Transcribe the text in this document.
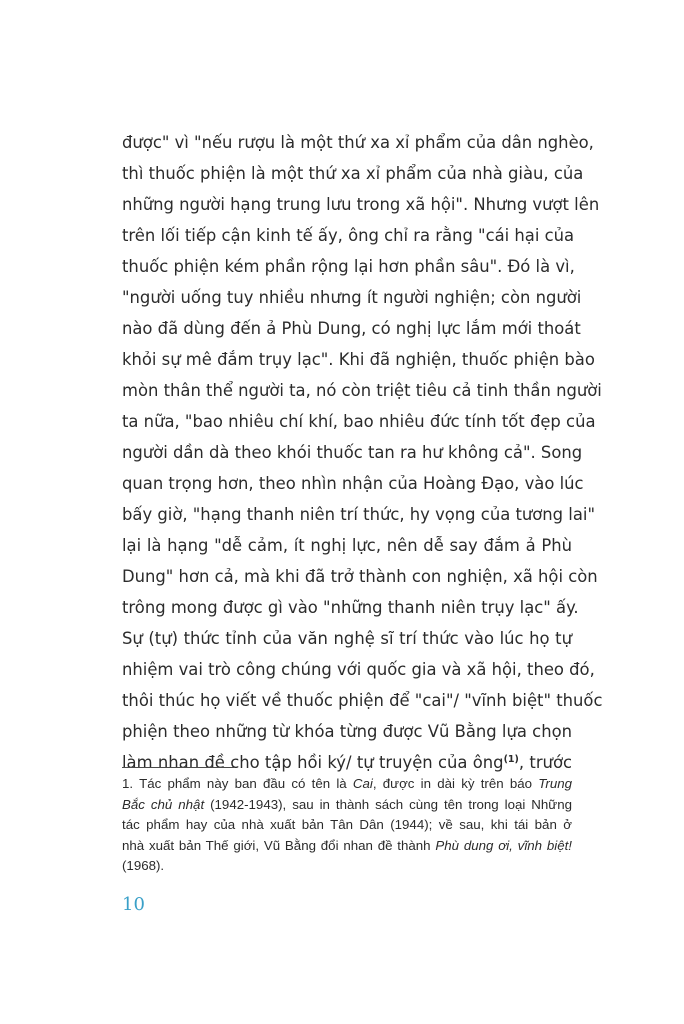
được" vì "nếu rượu là một thứ xa xỉ phẩm của dân nghèo,
thì thuốc phiện là một thứ xa xỉ phẩm của nhà giàu, của
những người hạng trung lưu trong xã hội". Nhưng vượt lên
trên lối tiếp cận kinh tế ấy, ông chỉ ra rằng "cái hại của
thuốc phiện kém phần rộng lại hơn phần sâu". Đó là vì,
"người uống tuy nhiều nhưng ít người nghiện; còn người
nào đã dùng đến ả Phù Dung, có nghị lực lắm mới thoát
khỏi sự mê đắm trụy lạc". Khi đã nghiện, thuốc phiện bào
mòn thân thể người ta, nó còn triệt tiêu cả tinh thần người
ta nữa, "bao nhiêu chí khí, bao nhiêu đức tính tốt đẹp của
người dần dà theo khói thuốc tan ra hư không cả". Song
quan trọng hơn, theo nhìn nhận của Hoàng Đạo, vào lúc
bấy giờ, "hạng thanh niên trí thức, hy vọng của tương lai"
lại là hạng "dễ cảm, ít nghị lực, nên dễ say đắm ả Phù
Dung" hơn cả, mà khi đã trở thành con nghiện, xã hội còn
trông mong được gì vào "những thanh niên trụy lạc" ấy.
Sự (tự) thức tỉnh của văn nghệ sĩ trí thức vào lúc họ tự
nhiệm vai trò công chúng với quốc gia và xã hội, theo đó,
thôi thúc họ viết về thuốc phiện để "cai"/ "vĩnh biệt" thuốc
phiện theo những từ khóa từng được Vũ Bằng lựa chọn
làm nhan đề cho tập hồi ký/ tự truyện của ông$^{(1)}$, trước
1. Tác phẩm này ban đầu có tên là Cai, được in dài kỳ trên báo Trung
Bắc chủ nhật (1942-1943), sau in thành sách cùng tên trong loại Những
tác phẩm hay của nhà xuất bản Tân Dân (1944); về sau, khi tái bản ở
nhà xuất bản Thế giới, Vũ Bằng đổi nhan đề thành Phù dung ơi, vĩnh biệt!
(1968).
10
